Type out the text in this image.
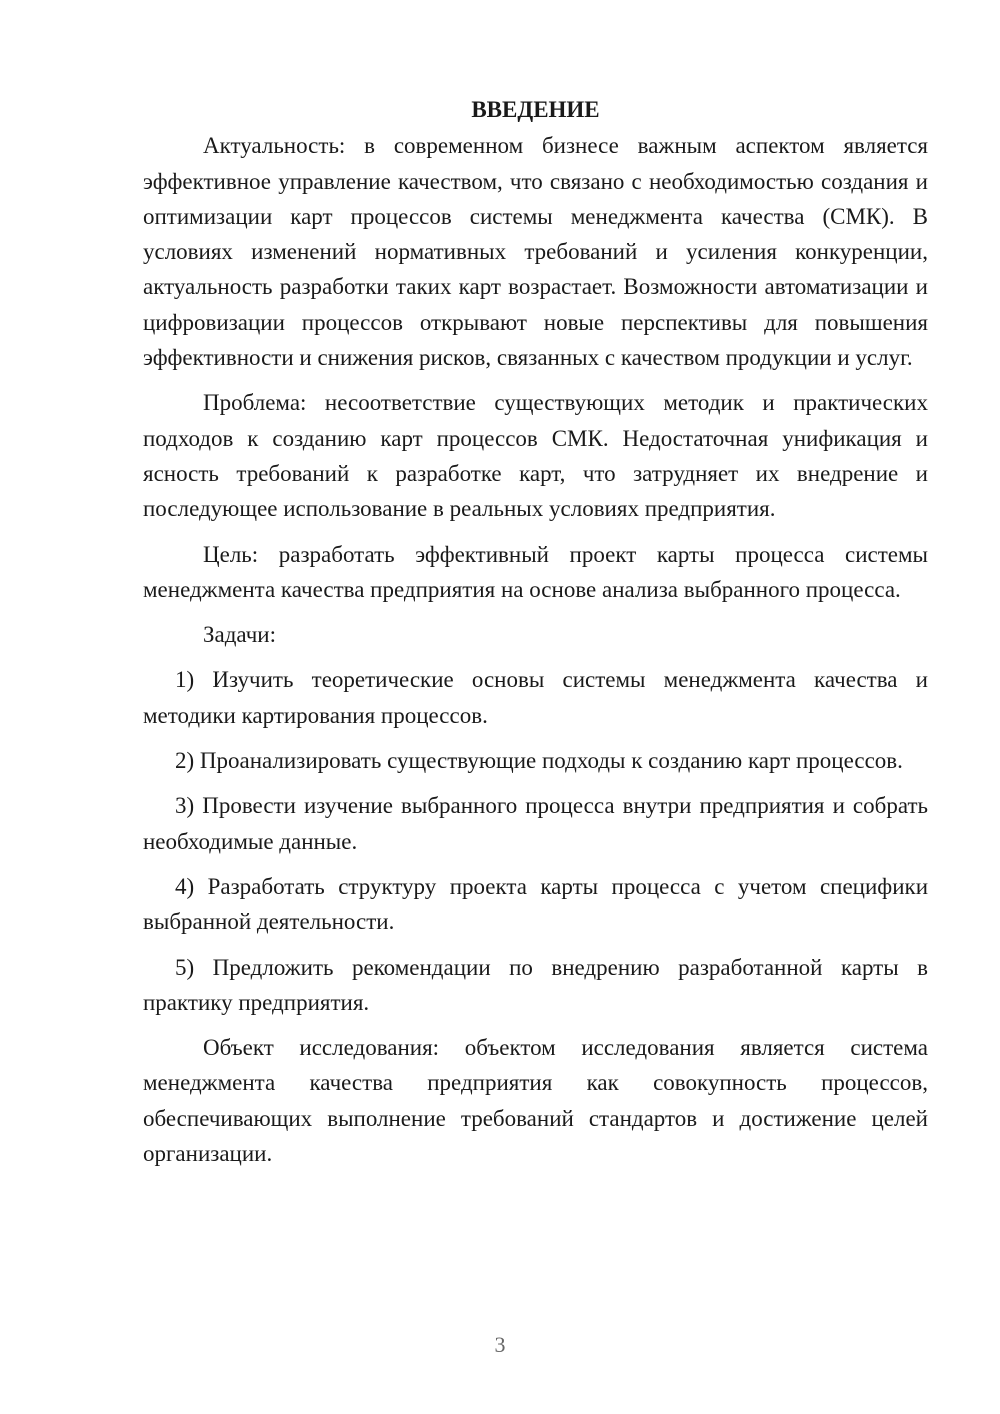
ВВЕДЕНИЕ

Актуальность: в современном бизнесе важным аспектом является эффективное управление качеством, что связано с необходимостью создания и оптимизации карт процессов системы менеджмента качества (СМК). В условиях изменений нормативных требований и усиления конкуренции, актуальность разработки таких карт возрастает. Возможности автоматизации и цифровизации процессов открывают новые перспективы для повышения эффективности и снижения рисков, связанных с качеством продукции и услуг.

Проблема: несоответствие существующих методик и практических подходов к созданию карт процессов СМК. Недостаточная унификация и ясность требований к разработке карт, что затрудняет их внедрение и последующее использование в реальных условиях предприятия.

Цель: разработать эффективный проект карты процесса системы менеджмента качества предприятия на основе анализа выбранного процесса.

Задачи:

1) Изучить теоретические основы системы менеджмента качества и методики картирования процессов.

2) Проанализировать существующие подходы к созданию карт процессов.

3) Провести изучение выбранного процесса внутри предприятия и собрать необходимые данные.

4) Разработать структуру проекта карты процесса с учетом специфики выбранной деятельности.

5) Предложить рекомендации по внедрению разработанной карты в практику предприятия.

Объект исследования: объектом исследования является система менеджмента качества предприятия как совокупность процессов, обеспечивающих выполнение требований стандартов и достижение целей организации.

3
